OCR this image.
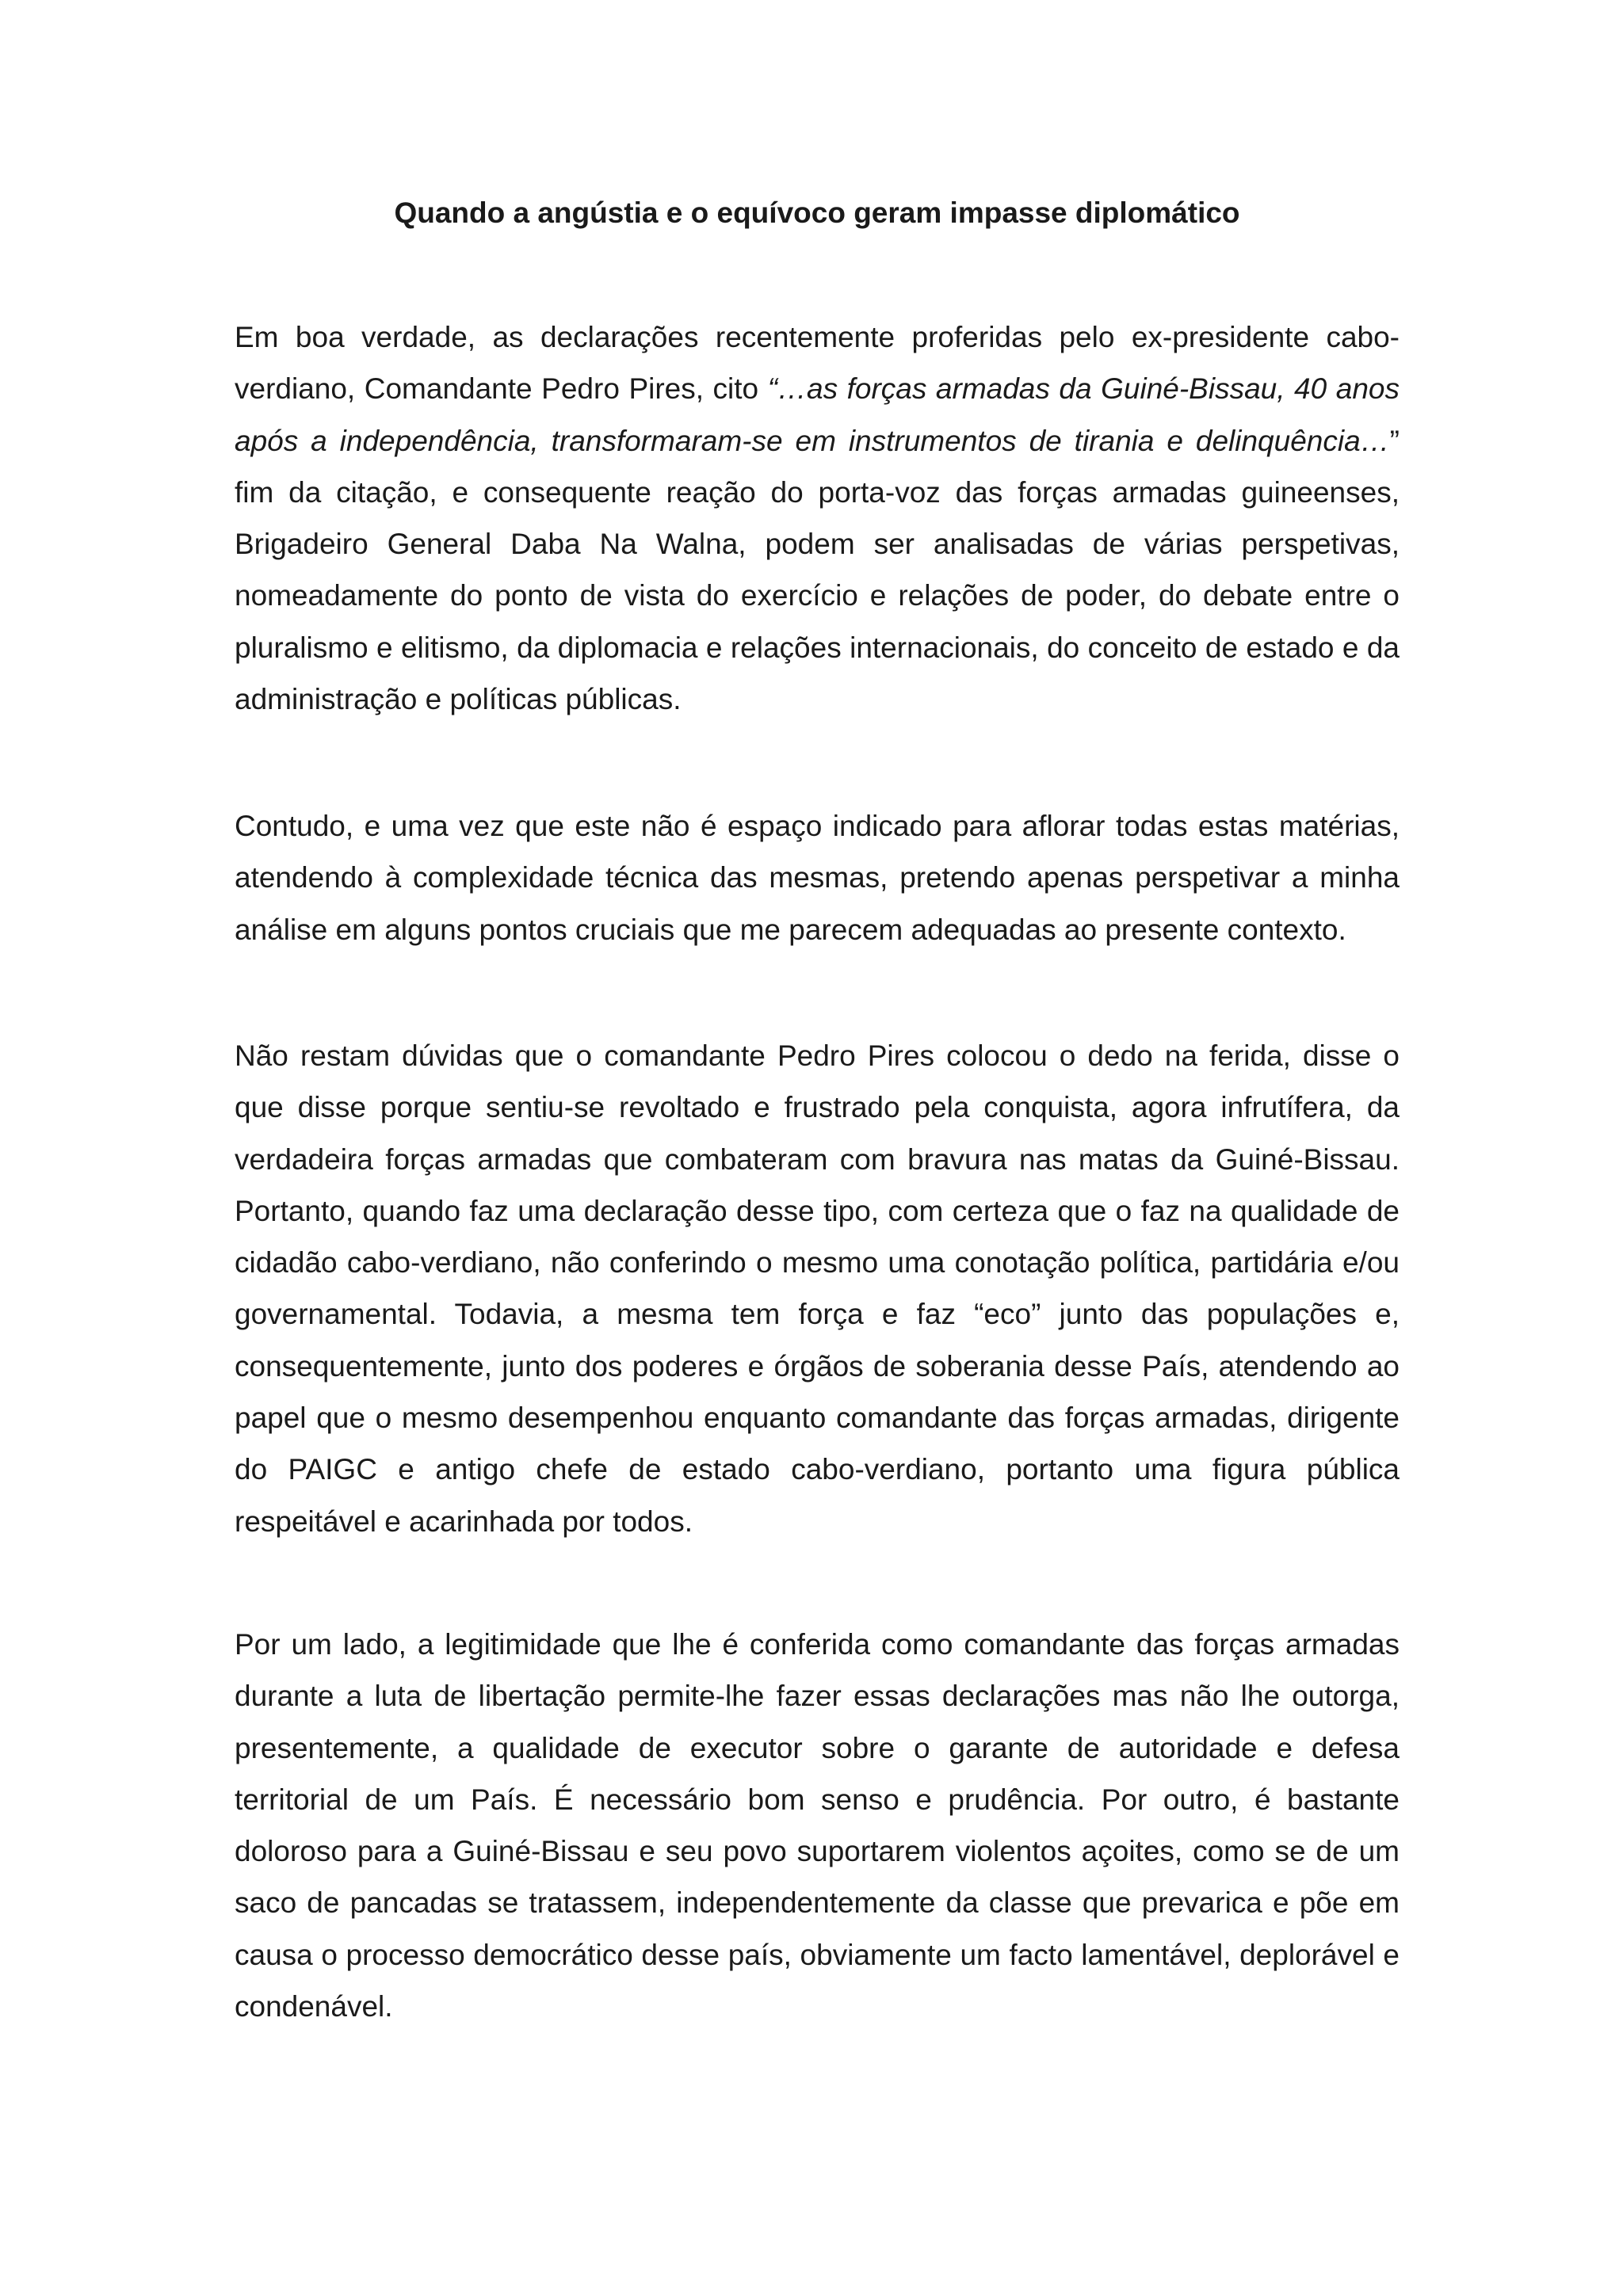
Quando a angústia e o equívoco geram impasse diplomático

Em boa verdade, as declarações recentemente proferidas pelo ex-presidente cabo-verdiano, Comandante Pedro Pires, cito “…as forças armadas da Guiné-Bissau, 40 anos após a independência, transformaram-se em instrumentos de tirania e delinquência…” fim da citação, e consequente reação do porta-voz das forças armadas guineenses, Brigadeiro General Daba Na Walna, podem ser analisadas de várias perspetivas, nomeadamente do ponto de vista do exercício e relações de poder, do debate entre o pluralismo e elitismo, da diplomacia e relações internacionais, do conceito de estado e da administração e políticas públicas.

Contudo, e uma vez que este não é espaço indicado para aflorar todas estas matérias, atendendo à complexidade técnica das mesmas, pretendo apenas perspetivar a minha análise em alguns pontos cruciais que me parecem adequadas ao presente contexto.

Não restam dúvidas que o comandante Pedro Pires colocou o dedo na ferida, disse o que disse porque sentiu-se revoltado e frustrado pela conquista, agora infrutífera, da verdadeira forças armadas que combateram com bravura nas matas da Guiné-Bissau. Portanto, quando faz uma declaração desse tipo, com certeza que o faz na qualidade de cidadão cabo-verdiano, não conferindo o mesmo uma conotação política, partidária e/ou governamental. Todavia, a mesma tem força e faz “eco” junto das populações e, consequentemente, junto dos poderes e órgãos de soberania desse País, atendendo ao papel que o mesmo desempenhou enquanto comandante das forças armadas, dirigente do PAIGC e antigo chefe de estado cabo-verdiano, portanto uma figura pública respeitável e acarinhada por todos.

Por um lado, a legitimidade que lhe é conferida como comandante das forças armadas durante a luta de libertação permite-lhe fazer essas declarações mas não lhe outorga, presentemente, a qualidade de executor sobre o garante de autoridade e defesa territorial de um País. É necessário bom senso e prudência. Por outro, é bastante doloroso para a Guiné-Bissau e seu povo suportarem violentos açoites, como se de um saco de pancadas se tratassem, independentemente da classe que prevarica e põe em causa o processo democrático desse país, obviamente um facto lamentável, deplorável e condenável.
